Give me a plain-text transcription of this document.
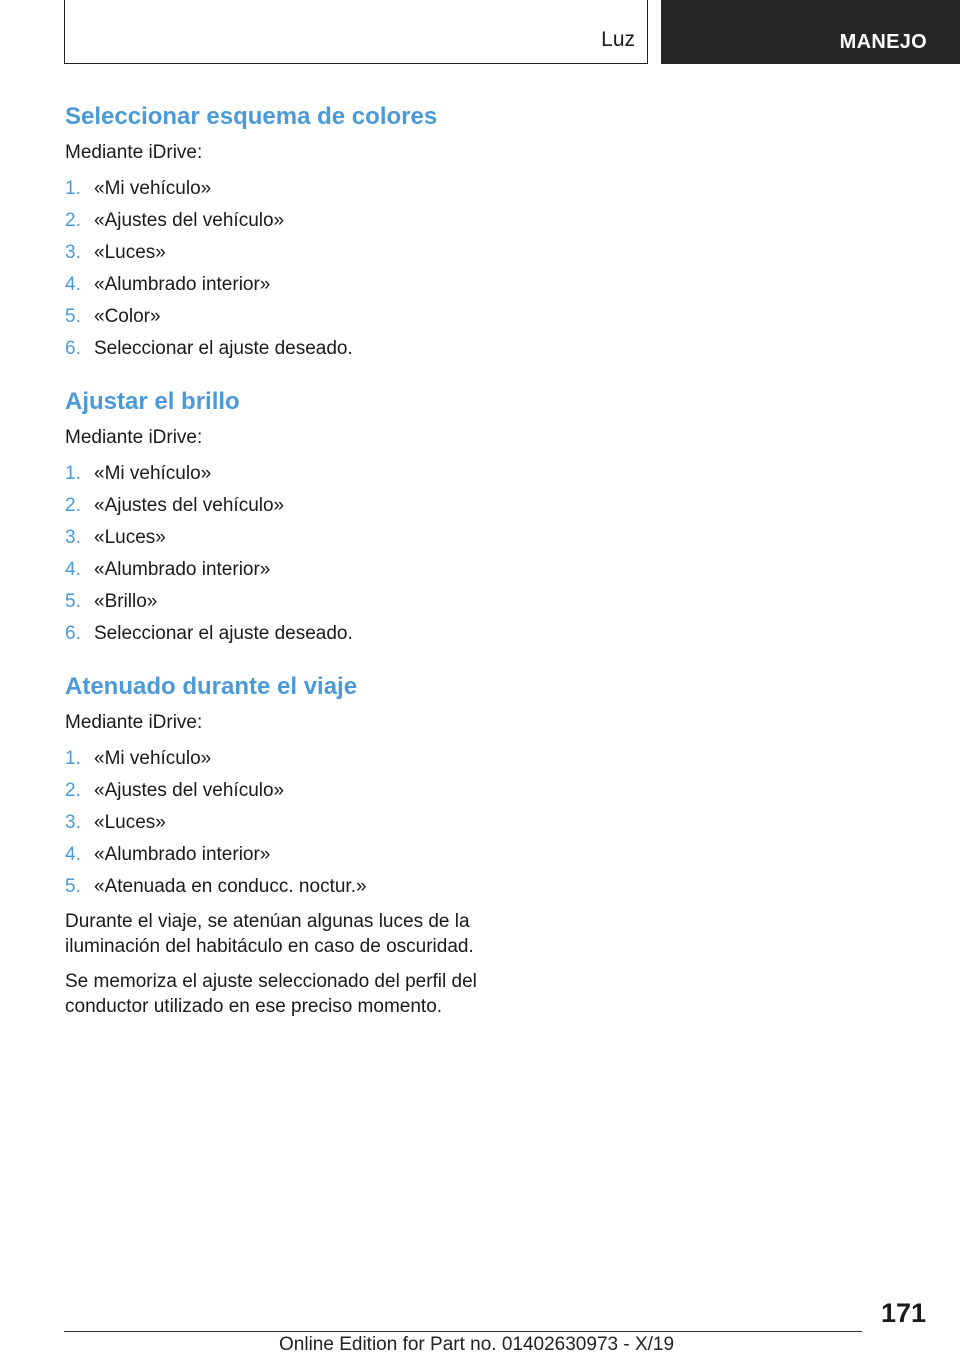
Luz	MANEJO
Seleccionar esquema de colores

Mediante iDrive:

1. «Mi vehículo»
2. «Ajustes del vehículo»
3. «Luces»
4. «Alumbrado interior»
5. «Color»
6. Seleccionar el ajuste deseado.
Ajustar el brillo

Mediante iDrive:

1. «Mi vehículo»
2. «Ajustes del vehículo»
3. «Luces»
4. «Alumbrado interior»
5. «Brillo»
6. Seleccionar el ajuste deseado.
Atenuado durante el viaje

Mediante iDrive:

1. «Mi vehículo»
2. «Ajustes del vehículo»
3. «Luces»
4. «Alumbrado interior»
5. «Atenuada en conducc. noctur.»

Durante el viaje, se atenúan algunas luces de la iluminación del habitáculo en caso de oscuridad.

Se memoriza el ajuste seleccionado del perfil del conductor utilizado en ese preciso momento.

171
Online Edition for Part no. 01402630973 - X/19
